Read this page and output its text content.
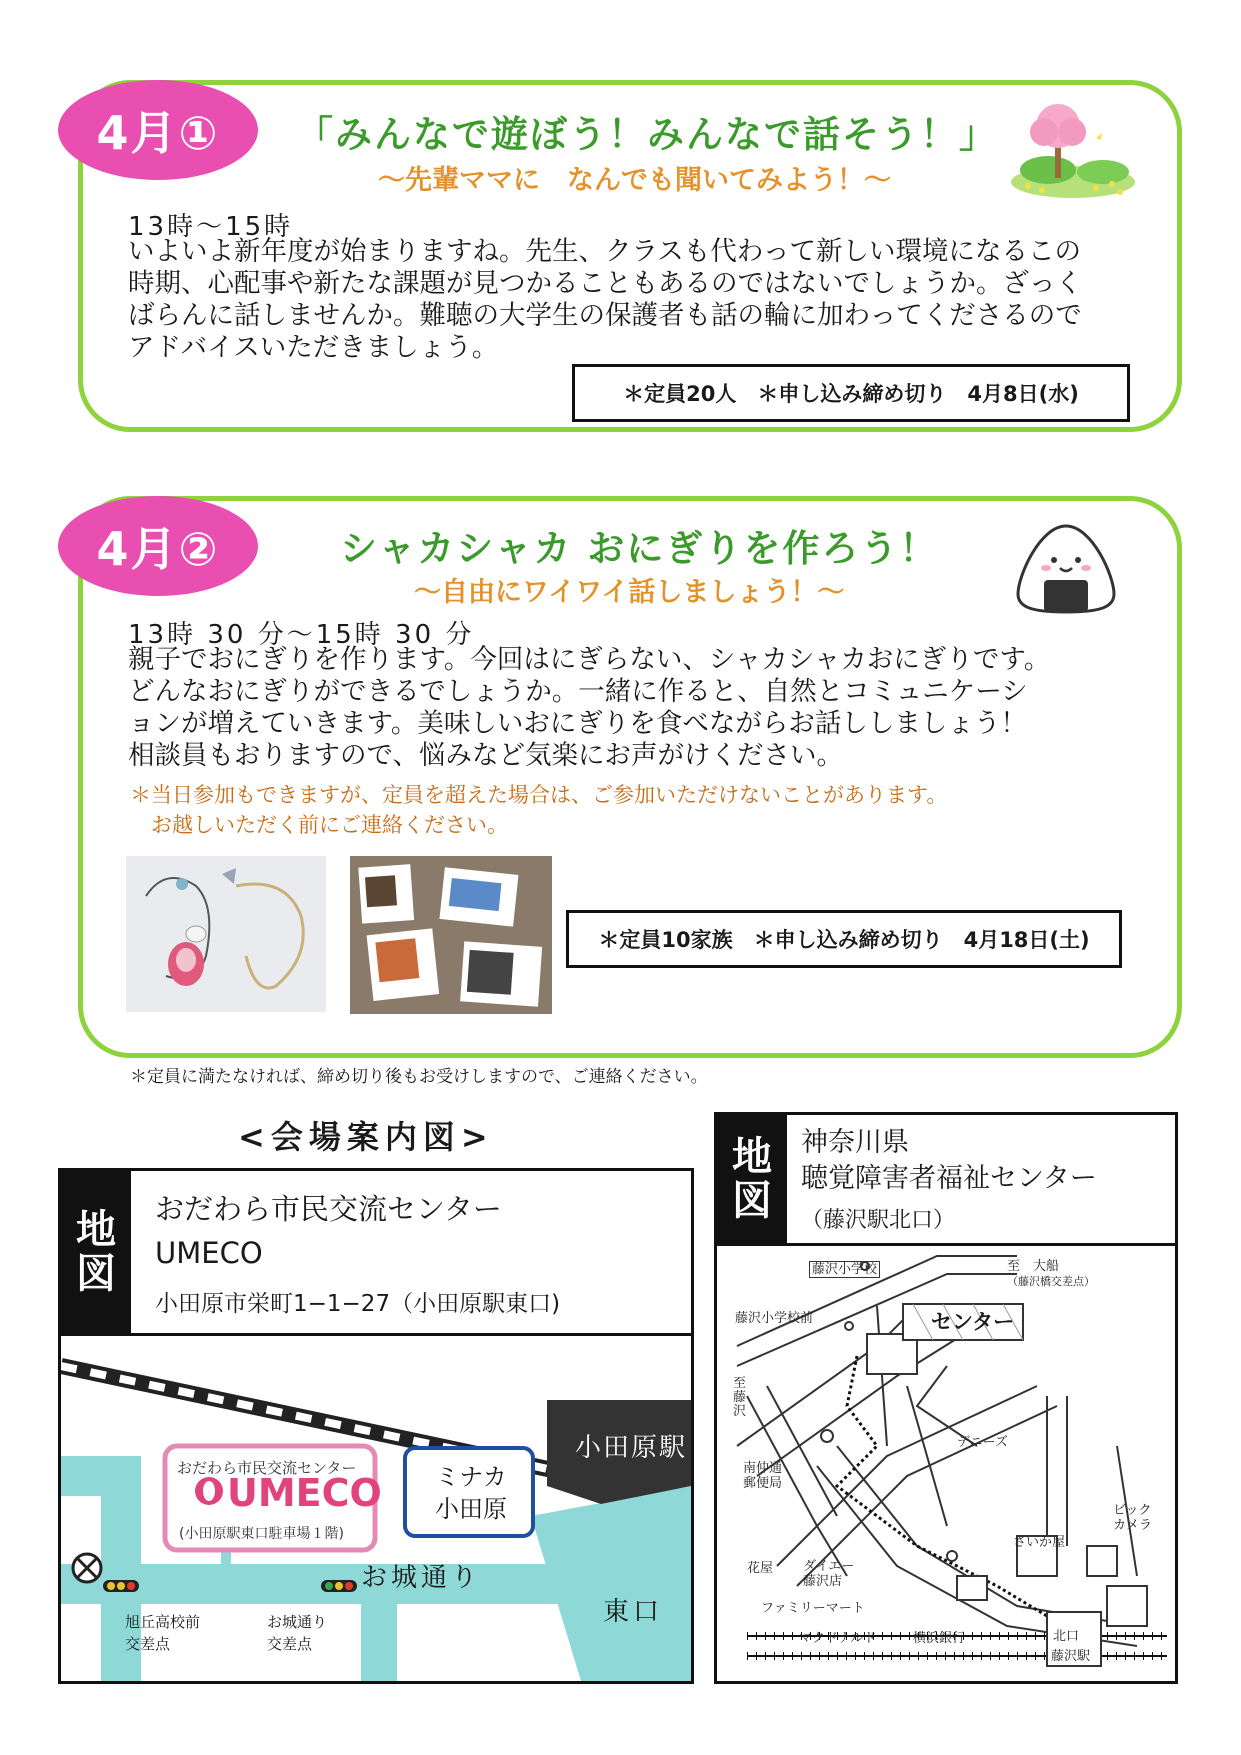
4月①	「みんなで遊ぼう！みんなで話そう！」
～先輩ママに　なんでも聞いてみよう！～
13時～15時
いよいよ新年度が始まりますね。先生、クラスも代わって新しい環境になるこの
時期、心配事や新たな課題が見つかることもあるのではないでしょうか。ざっく
ばらんに話しませんか。難聴の大学生の保護者も話の輪に加わってくださるので
アドバイスいただきましょう。
＊定員20人　＊申し込み締め切り　4月8日(水)
4月②	シャカシャカ おにぎりを作ろう！
～自由にワイワイ話しましょう！～
13時 30 分～15時 30 分
親子でおにぎりを作ります。今回はにぎらない、シャカシャカおにぎりです。
どんなおにぎりができるでしょうか。一緒に作ると、自然とコミュニケーシ
ョンが増えていきます。美味しいおにぎりを食べながらお話ししましょう！
相談員もおりますので、悩みなど気楽にお声がけください。
＊当日参加もできますが、定員を超えた場合は、ご参加いただけないことがあります。
　お越しいただく前にご連絡ください。
＊定員10家族　＊申し込み締め切り　4月18日(土)
＊定員に満たなければ、締め切り後もお受けしますので、ご連絡ください。
<会場案内図>
地
図
おだわら市民交流センター
UMECO
小田原市栄町1−1−27（小田原駅東口)
小田原駅
おだわら市民交流センター
UMECO
(小田原駅東口駐車場１階)
ミナカ
小田原
お城通り
東口
旭丘高校前
交差点
お城通り
交差点
地
図
神奈川県
聴覚障害者福祉センター
（藤沢駅北口）
藤沢小学校
藤沢小学校前
至　大船
（藤沢橋交差点）
センター
至
藤
沢
デニーズ
南仲通
郵便局
ビック
カメラ
さいか屋
花屋 ダイエー
藤沢店
ファミリーマート
マクドナルド	横浜銀行	北口
藤沢駅
